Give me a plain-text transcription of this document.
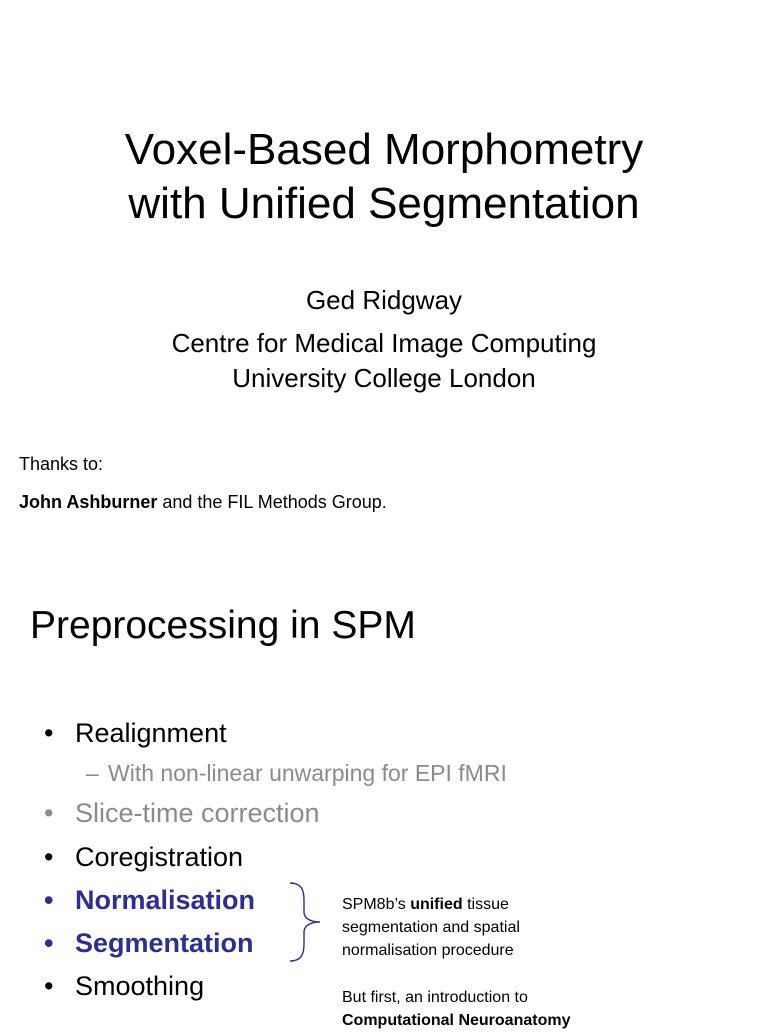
Voxel-Based Morphometry
with Unified Segmentation
Ged Ridgway
Centre for Medical Image Computing
University College London
Thanks to:
John Ashburner and the FIL Methods Group.
Preprocessing in SPM
• Realignment
– With non-linear unwarping for EPI fMRI
• Slice-time correction
• Coregistration
• Normalisation
• Segmentation
• Smoothing
SPM8b’s unified tissue
segmentation and spatial
normalisation procedure
But first, an introduction to
Computational Neuroanatomy
